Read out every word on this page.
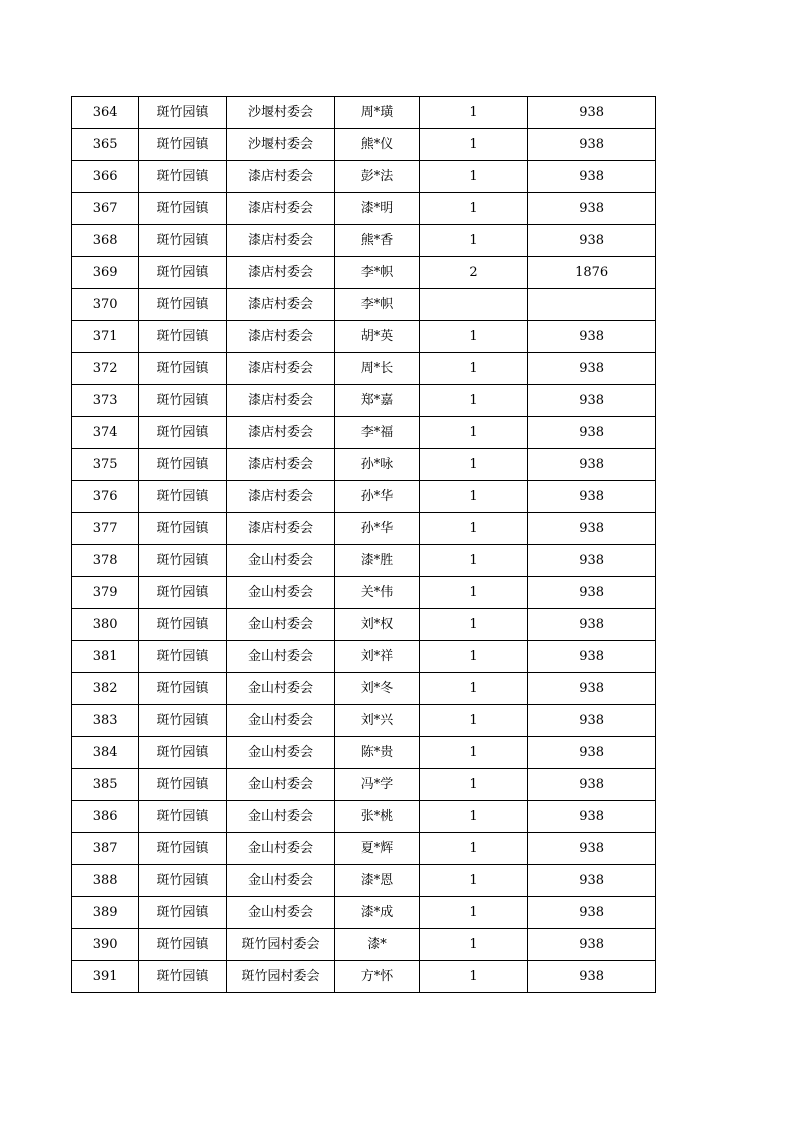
364	斑竹园镇	沙堰村委会	周*璜	1	938
365	斑竹园镇	沙堰村委会	熊*仪	1	938
366	斑竹园镇	漆店村委会	彭*法	1	938
367	斑竹园镇	漆店村委会	漆*明	1	938
368	斑竹园镇	漆店村委会	熊*香	1	938
369	斑竹园镇	漆店村委会	李*帜	2	1876
370	斑竹园镇	漆店村委会	李*帜		
371	斑竹园镇	漆店村委会	胡*英	1	938
372	斑竹园镇	漆店村委会	周*长	1	938
373	斑竹园镇	漆店村委会	郑*嘉	1	938
374	斑竹园镇	漆店村委会	李*福	1	938
375	斑竹园镇	漆店村委会	孙*咏	1	938
376	斑竹园镇	漆店村委会	孙*华	1	938
377	斑竹园镇	漆店村委会	孙*华	1	938
378	斑竹园镇	金山村委会	漆*胜	1	938
379	斑竹园镇	金山村委会	关*伟	1	938
380	斑竹园镇	金山村委会	刘*权	1	938
381	斑竹园镇	金山村委会	刘*祥	1	938
382	斑竹园镇	金山村委会	刘*冬	1	938
383	斑竹园镇	金山村委会	刘*兴	1	938
384	斑竹园镇	金山村委会	陈*贵	1	938
385	斑竹园镇	金山村委会	冯*学	1	938
386	斑竹园镇	金山村委会	张*桃	1	938
387	斑竹园镇	金山村委会	夏*辉	1	938
388	斑竹园镇	金山村委会	漆*恩	1	938
389	斑竹园镇	金山村委会	漆*成	1	938
390	斑竹园镇	斑竹园村委会	漆*	1	938
391	斑竹园镇	斑竹园村委会	方*怀	1	938
